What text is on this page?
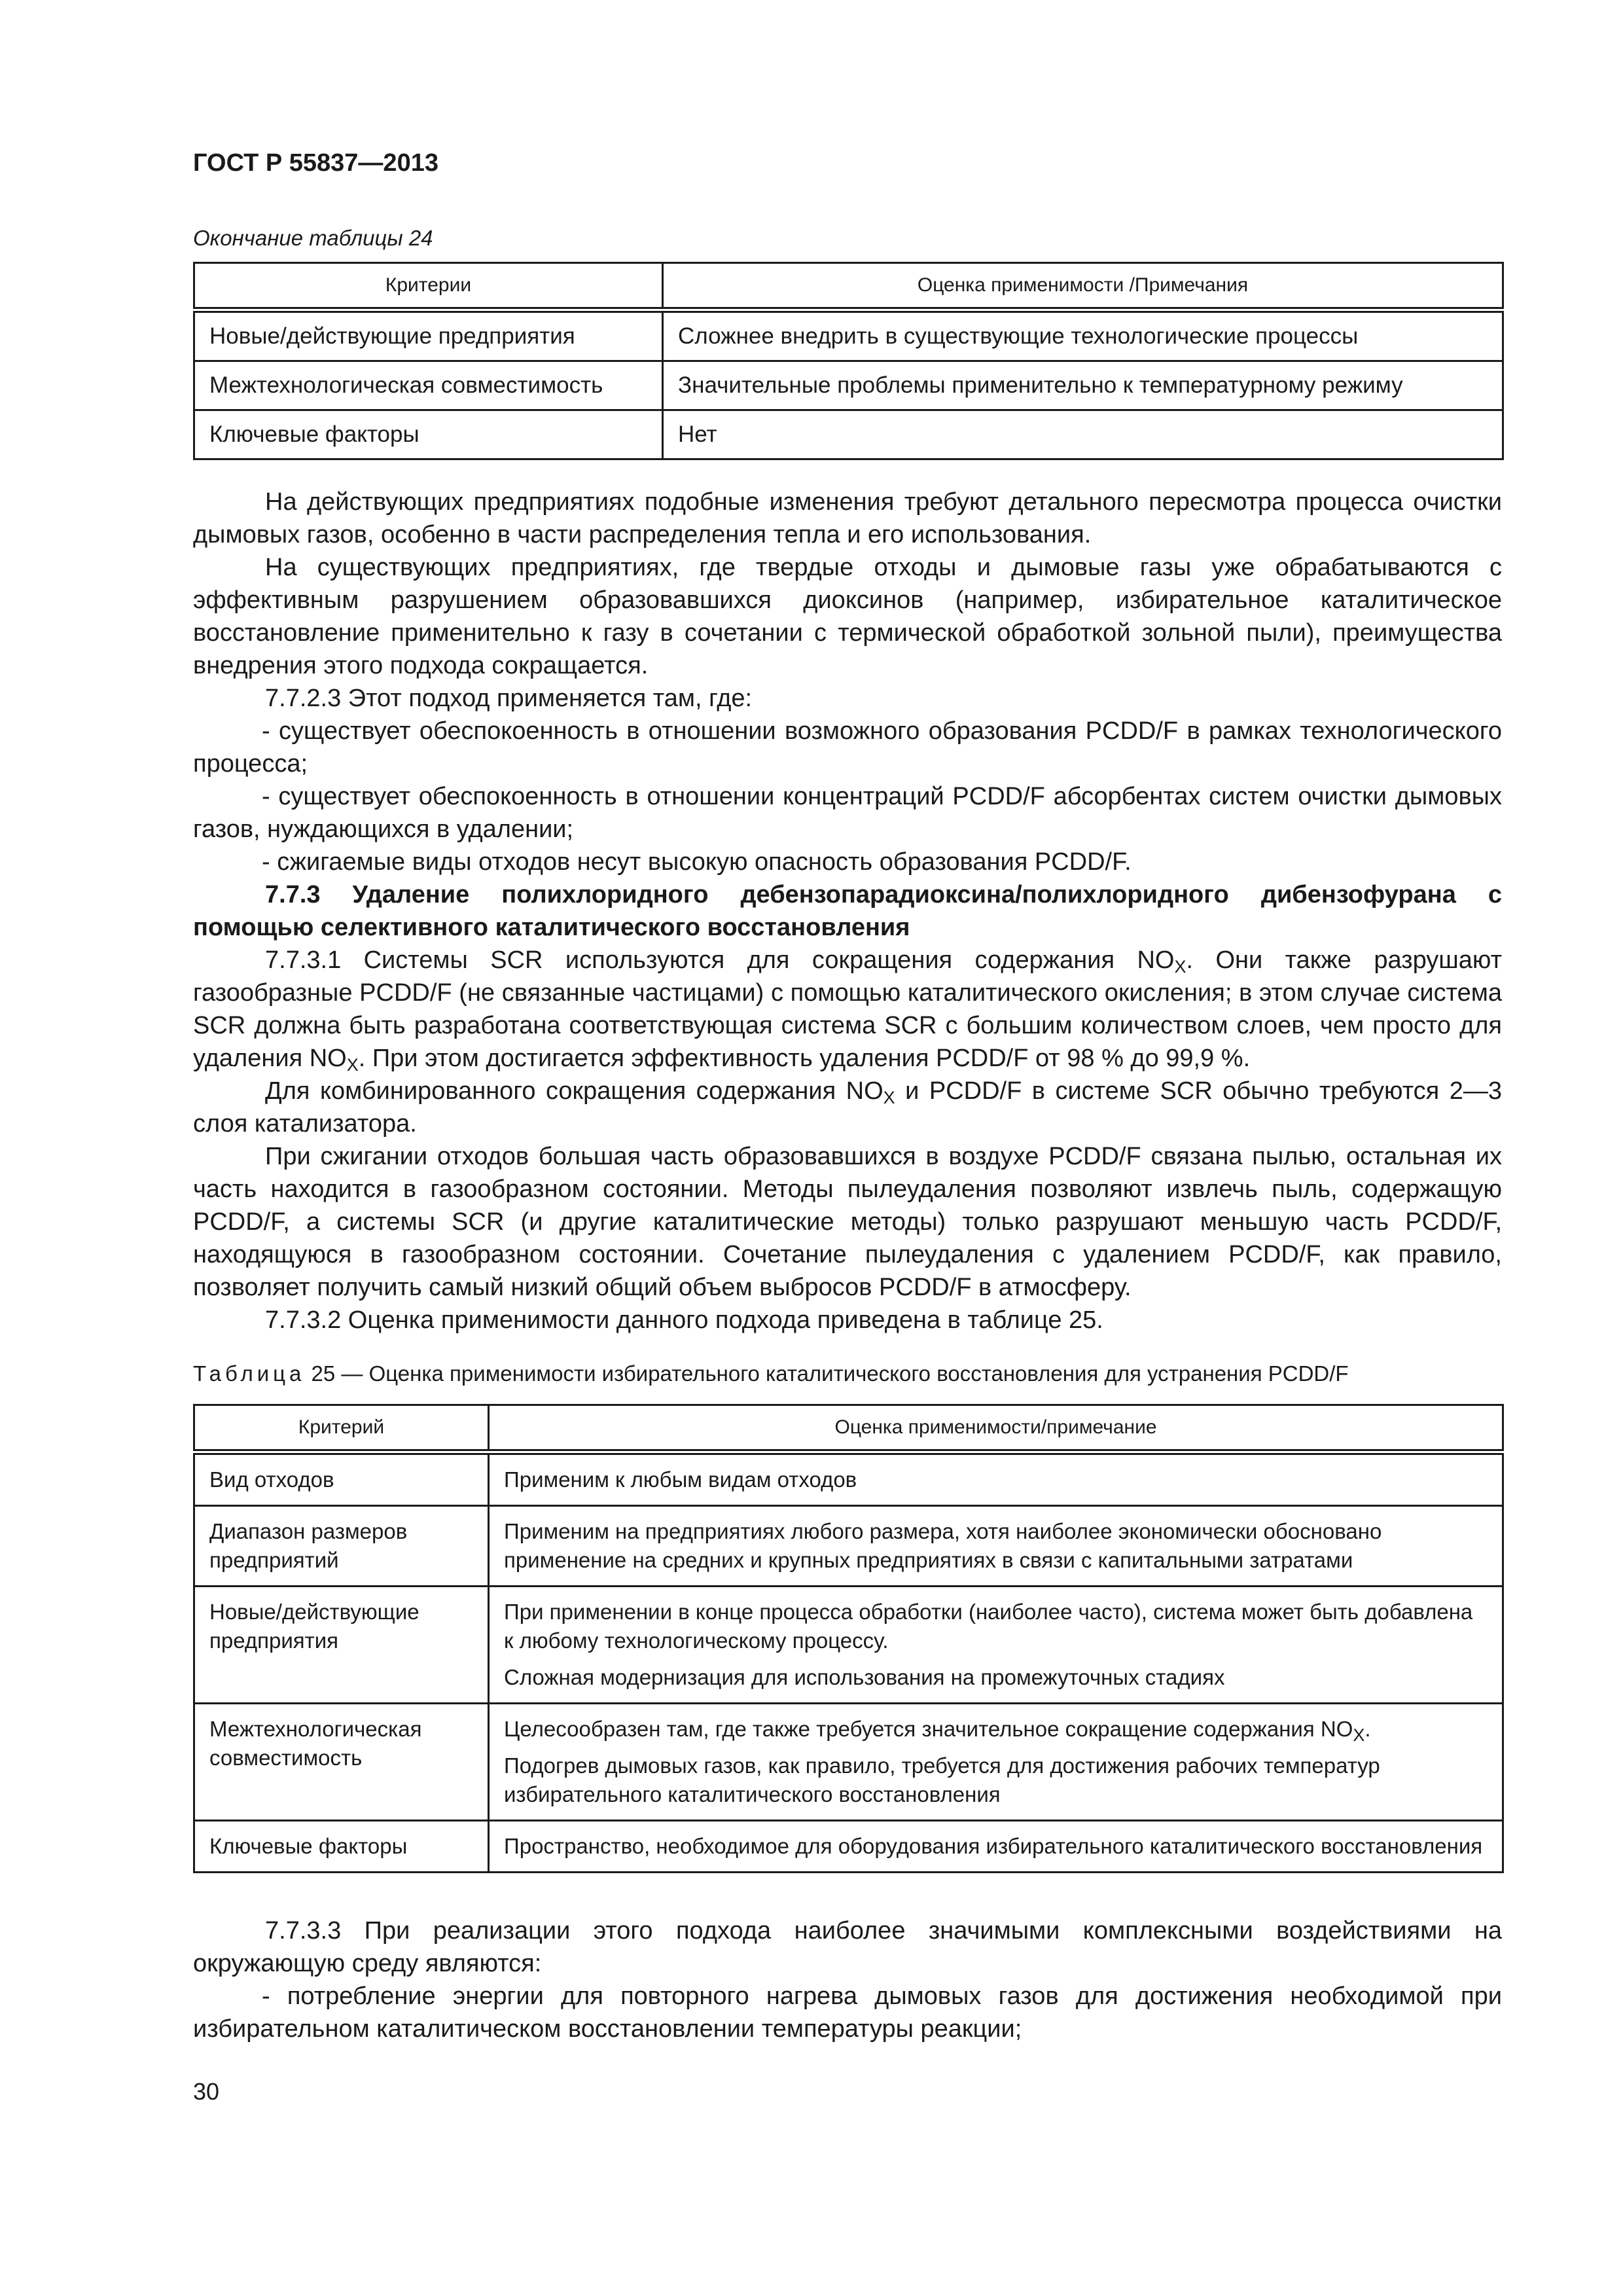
ГОСТ Р 55837—2013
Окончание таблицы 24
Критерии	Оценка применимости /Примечания
Новые/действующие предприятия	Сложнее внедрить в существующие технологические процессы
Межтехнологическая совместимость	Значительные проблемы применительно к температурному режиму
Ключевые факторы	Нет

На действующих предприятиях подобные изменения требуют детального пересмотра процесса очистки дымовых газов, особенно в части распределения тепла и его использования.

На существующих предприятиях, где твердые отходы и дымовые газы уже обрабатываются с эффективным разрушением образовавшихся диоксинов (например, избирательное каталитическое восстановление применительно к газу в сочетании с термической обработкой зольной пыли), преимущества внедрения этого подхода сокращается.

7.7.2.3 Этот подход применяется там, где:

- существует обеспокоенность в отношении возможного образования PCDD/F в рамках технологического процесса;

- существует обеспокоенность в отношении концентраций PCDD/F абсорбентах систем очистки дымовых газов, нуждающихся в удалении;

- сжигаемые виды отходов несут высокую опасность образования PCDD/F.

7.7.3 Удаление полихлоридного дебензопарадиоксина/полихлоридного дибензофурана с помощью селективного каталитического восстановления

7.7.3.1 Системы SCR используются для сокращения содержания $NO_X$. Они также разрушают газообразные PCDD/F (не связанные частицами) с помощью каталитического окисления; в этом случае система SCR должна быть разработана соответствующая система SCR с большим количеством слоев, чем просто для удаления $NO_X$. При этом достигается эффективность удаления PCDD/F от 98 % до 99,9 %.

Для комбинированного сокращения содержания $NO_X$ и PCDD/F в системе SCR обычно требуются 2—3 слоя катализатора.

При сжигании отходов большая часть образовавшихся в воздухе PCDD/F связана пылью, остальная их часть находится в газообразном состоянии. Методы пылеудаления позволяют извлечь пыль, содержащую PCDD/F, а системы SCR (и другие каталитические методы) только разрушают меньшую часть PCDD/F, находящуюся в газообразном состоянии. Сочетание пылеудаления с удалением PCDD/F, как правило, позволяет получить самый низкий общий объем выбросов PCDD/F в атмосферу.

7.7.3.2 Оценка применимости данного подхода приведена в таблице 25.

Таблица 25 — Оценка применимости избирательного каталитического восстановления для устранения PCDD/F
Критерий	Оценка применимости/примечание
Вид отходов	Применим к любым видам отходов
Диапазон размеров предприятий	Применим на предприятиях любого размера, хотя наиболее экономически обосновано применение на средних и крупных предприятиях в связи с капитальными затратами
Новые/действующие предприятия	При применении в конце процесса обработки (наиболее часто), система может быть добавлена к любому технологическому процессу.

Сложная модернизация для использования на промежуточных стадиях

Межтехнологическая совместимость	Целесообразен там, где также требуется значительное сокращение содержания $NO_X$.

Подогрев дымовых газов, как правило, требуется для достижения рабочих температур избирательного каталитического восстановления

Ключевые факторы	Пространство, необходимое для оборудования избирательного каталитического восстановления

7.7.3.3 При реализации этого подхода наиболее значимыми комплексными воздействиями на окружающую среду являются:

- потребление энергии для повторного нагрева дымовых газов для достижения необходимой при избирательном каталитическом восстановлении температуры реакции;

30
